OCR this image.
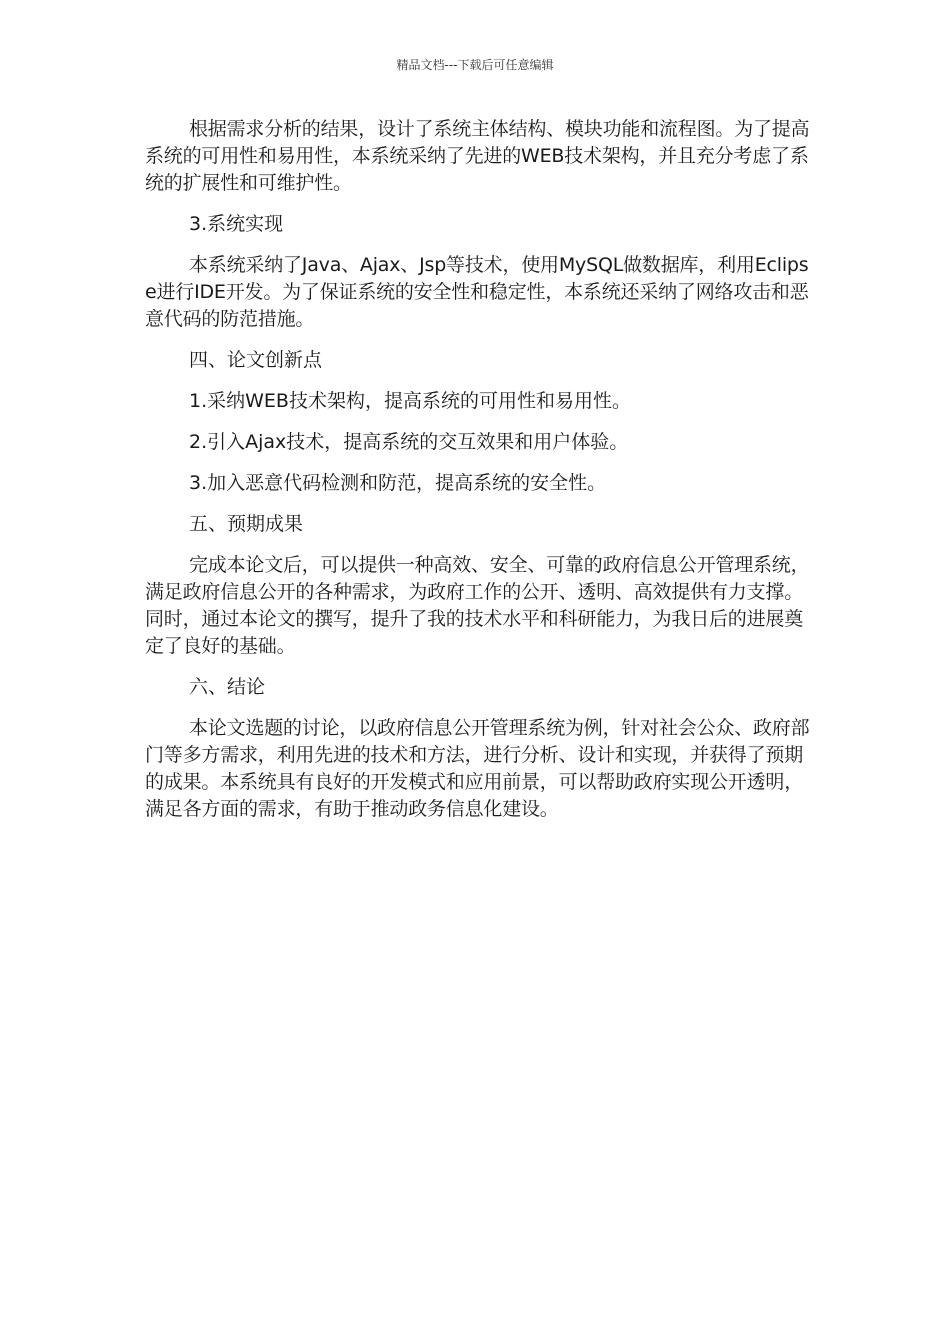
精品文档---下载后可任意编辑

根据需求分析的结果，设计了系统主体结构、模块功能和流程图。为了提高系统的可用性和易用性，本系统采纳了先进的WEB技术架构，并且充分考虑了系统的扩展性和可维护性。

3.系统实现

本系统采纳了Java、Ajax、Jsp等技术，使用MySQL做数据库，利用Eclipse进行IDE开发。为了保证系统的安全性和稳定性，本系统还采纳了网络攻击和恶意代码的防范措施。

四、论文创新点

1.采纳WEB技术架构，提高系统的可用性和易用性。

2.引入Ajax技术，提高系统的交互效果和用户体验。

3.加入恶意代码检测和防范，提高系统的安全性。

五、预期成果

完成本论文后，可以提供一种高效、安全、可靠的政府信息公开管理系统，满足政府信息公开的各种需求，为政府工作的公开、透明、高效提供有力支撑。同时，通过本论文的撰写，提升了我的技术水平和科研能力，为我日后的进展奠定了良好的基础。

六、结论

本论文选题的讨论，以政府信息公开管理系统为例，针对社会公众、政府部门等多方需求，利用先进的技术和方法，进行分析、设计和实现，并获得了预期的成果。本系统具有良好的开发模式和应用前景，可以帮助政府实现公开透明，满足各方面的需求，有助于推动政务信息化建设。
